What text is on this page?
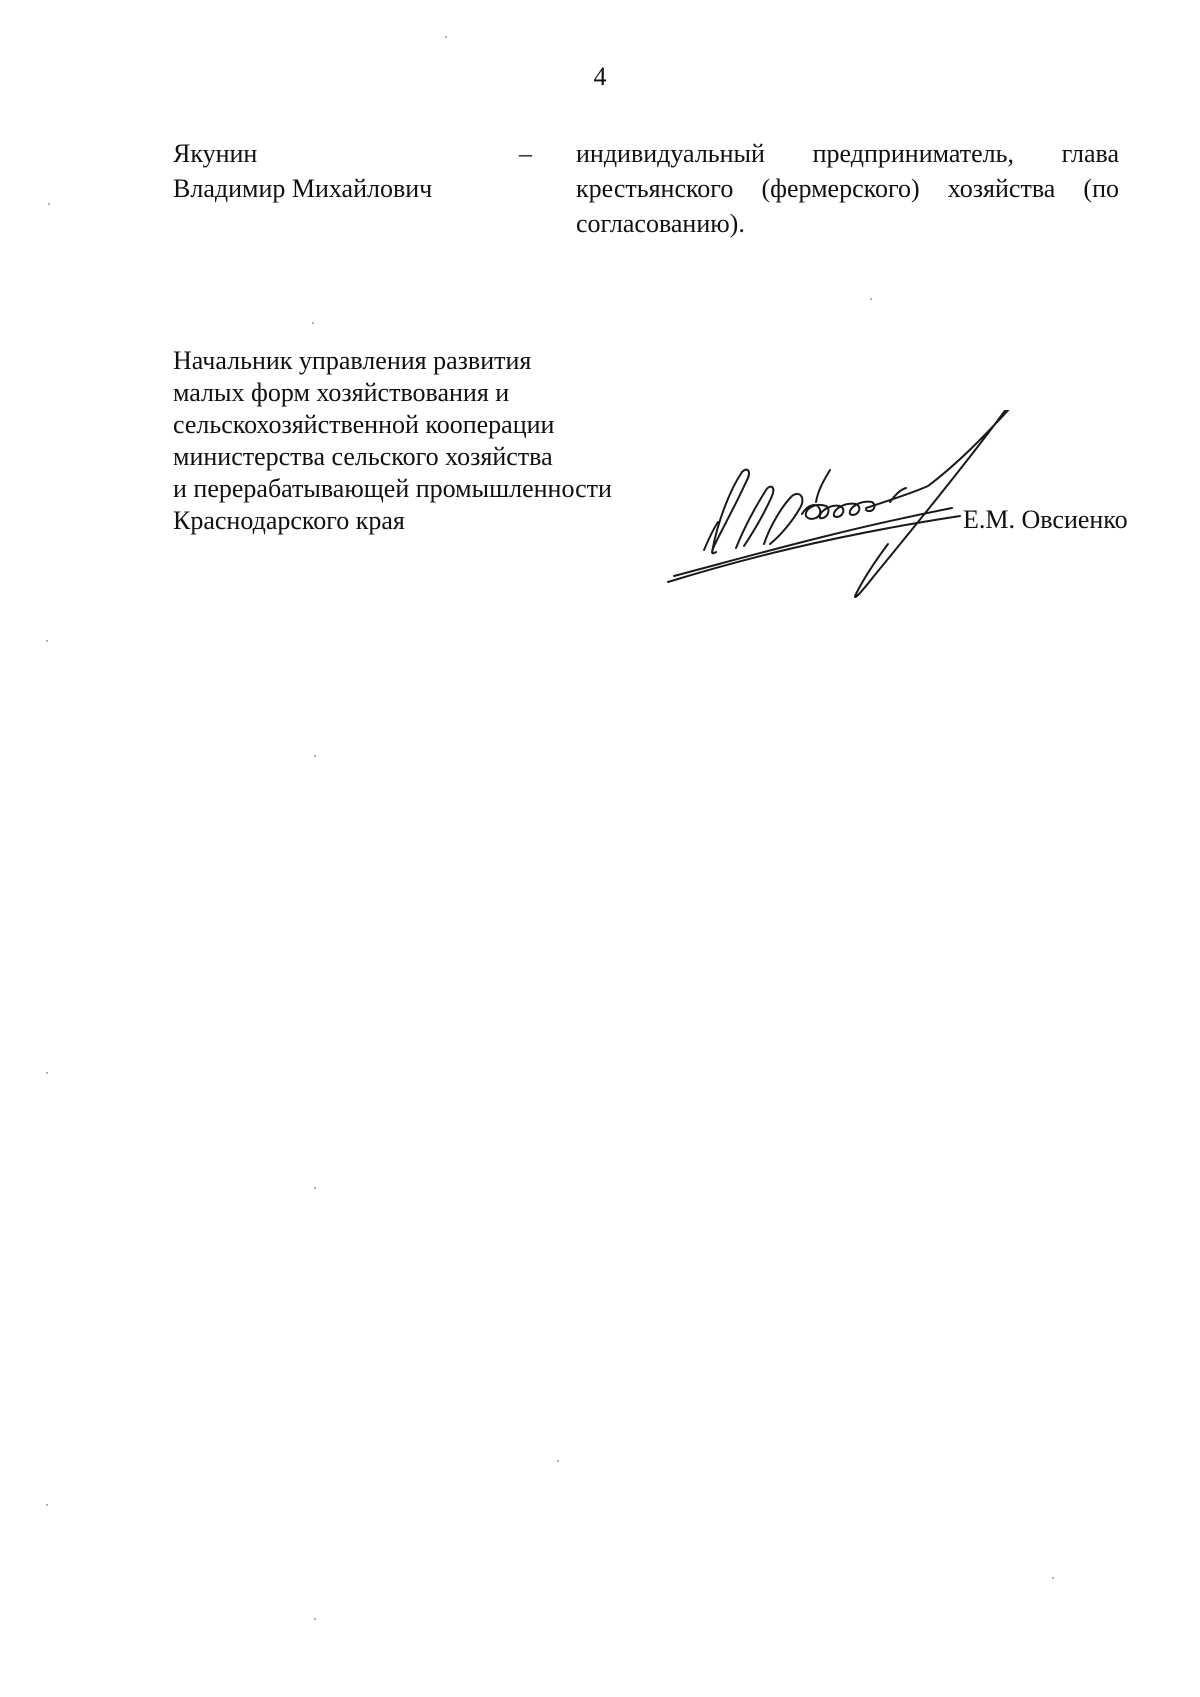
4
Якунин
Владимир Михайлович
– индивидуальный предприниматель, глава крестьянского (фермерского) хозяйства (по согласованию).
Начальник управления развития
малых форм хозяйствования и
сельскохозяйственной кооперации
министерства сельского хозяйства
и перерабатывающей промышленности
Краснодарского края	Е.М. Овсиенко
